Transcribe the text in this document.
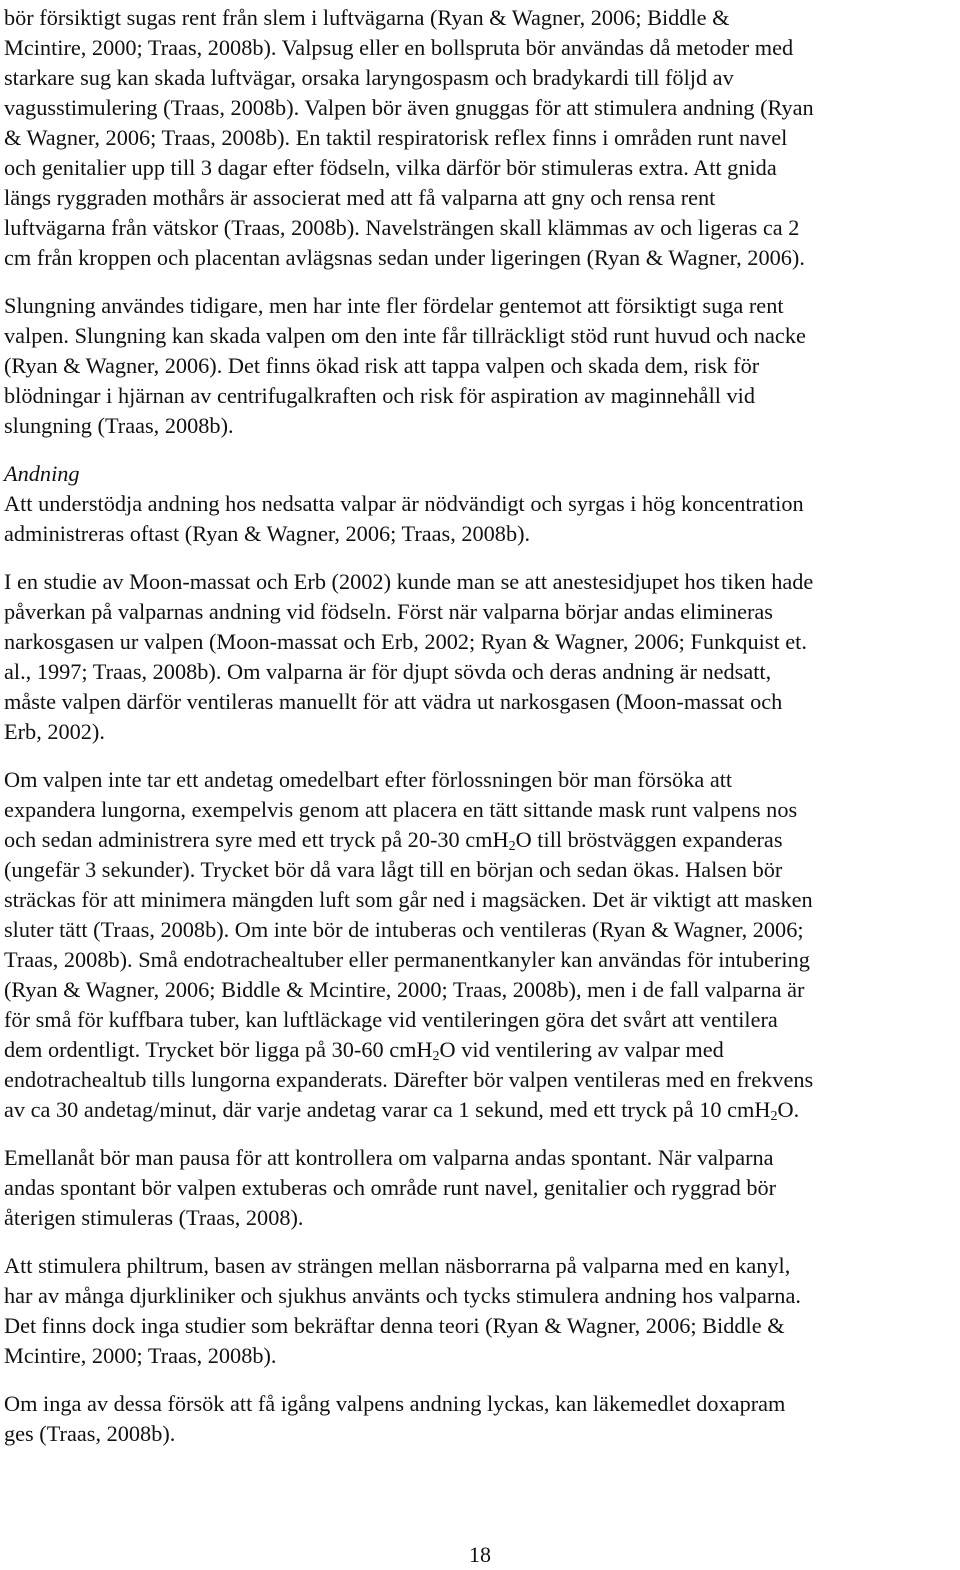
bör försiktigt sugas rent från slem i luftvägarna (Ryan & Wagner, 2006; Biddle &
Mcintire, 2000; Traas, 2008b). Valpsug eller en bollspruta bör användas då metoder med
starkare sug kan skada luftvägar, orsaka laryngospasm och bradykardi till följd av
vagusstimulering (Traas, 2008b). Valpen bör även gnuggas för att stimulera andning (Ryan
& Wagner, 2006; Traas, 2008b). En taktil respiratorisk reflex finns i områden runt navel
och genitalier upp till 3 dagar efter födseln, vilka därför bör stimuleras extra. Att gnida
längs ryggraden mothårs är associerat med att få valparna att gny och rensa rent
luftvägarna från vätskor (Traas, 2008b). Navelsträngen skall klämmas av och ligeras ca 2
cm från kroppen och placentan avlägsnas sedan under ligeringen (Ryan & Wagner, 2006).
Slungning användes tidigare, men har inte fler fördelar gentemot att försiktigt suga rent
valpen. Slungning kan skada valpen om den inte får tillräckligt stöd runt huvud och nacke
(Ryan & Wagner, 2006). Det finns ökad risk att tappa valpen och skada dem, risk för
blödningar i hjärnan av centrifugalkraften och risk för aspiration av maginnehåll vid
slungning (Traas, 2008b).
Andning
Att understödja andning hos nedsatta valpar är nödvändigt och syrgas i hög koncentration
administreras oftast (Ryan & Wagner, 2006; Traas, 2008b).
I en studie av Moon-massat och Erb (2002) kunde man se att anestesidjupet hos tiken hade
påverkan på valparnas andning vid födseln. Först när valparna börjar andas elimineras
narkosgasen ur valpen (Moon-massat och Erb, 2002; Ryan & Wagner, 2006; Funkquist et.
al., 1997; Traas, 2008b). Om valparna är för djupt sövda och deras andning är nedsatt,
måste valpen därför ventileras manuellt för att vädra ut narkosgasen (Moon-massat och
Erb, 2002).
Om valpen inte tar ett andetag omedelbart efter förlossningen bör man försöka att
expandera lungorna, exempelvis genom att placera en tätt sittande mask runt valpens nos
och sedan administrera syre med ett tryck på 20-30 cmH$_2$O till bröstväggen expanderas
(ungefär 3 sekunder). Trycket bör då vara lågt till en början och sedan ökas. Halsen bör
sträckas för att minimera mängden luft som går ned i magsäcken. Det är viktigt att masken
sluter tätt (Traas, 2008b). Om inte bör de intuberas och ventileras (Ryan & Wagner, 2006;
Traas, 2008b). Små endotrachealtuber eller permanentkanyler kan användas för intubering
(Ryan & Wagner, 2006; Biddle & Mcintire, 2000; Traas, 2008b), men i de fall valparna är
för små för kuffbara tuber, kan luftläckage vid ventileringen göra det svårt att ventilera
dem ordentligt. Trycket bör ligga på 30-60 cmH$_2$O vid ventilering av valpar med
endotrachealtub tills lungorna expanderats. Därefter bör valpen ventileras med en frekvens
av ca 30 andetag/minut, där varje andetag varar ca 1 sekund, med ett tryck på 10 cmH$_2$O.
Emellanåt bör man pausa för att kontrollera om valparna andas spontant. När valparna
andas spontant bör valpen extuberas och område runt navel, genitalier och ryggrad bör
återigen stimuleras (Traas, 2008).
Att stimulera philtrum, basen av strängen mellan näsborrarna på valparna med en kanyl,
har av många djurkliniker och sjukhus använts och tycks stimulera andning hos valparna.
Det finns dock inga studier som bekräftar denna teori (Ryan & Wagner, 2006; Biddle &
Mcintire, 2000; Traas, 2008b).
Om inga av dessa försök att få igång valpens andning lyckas, kan läkemedlet doxapram
ges (Traas, 2008b).
18
